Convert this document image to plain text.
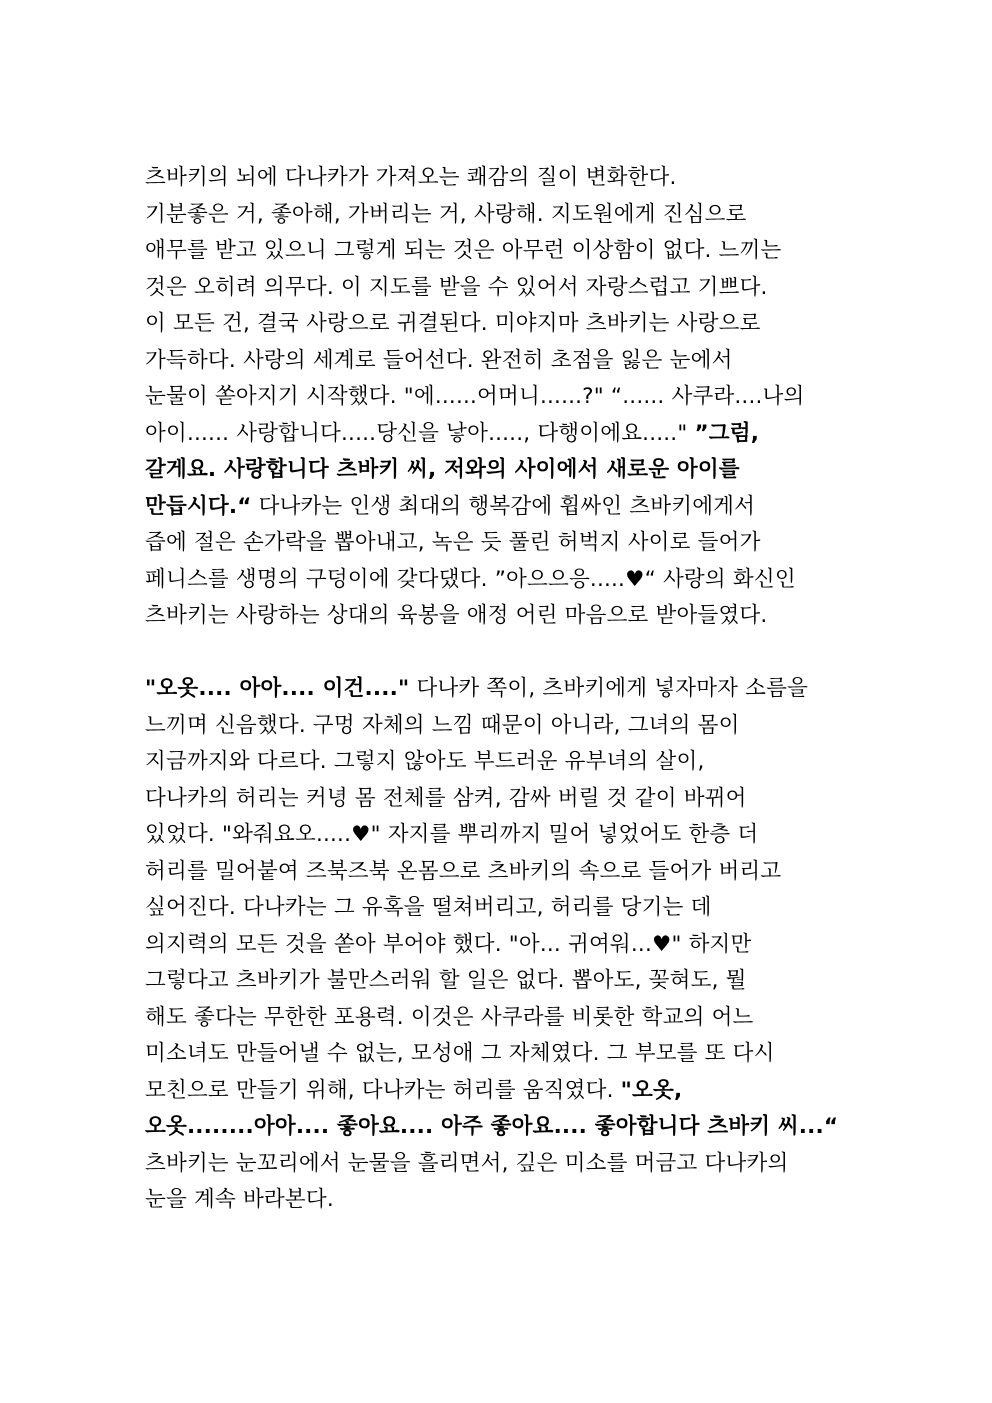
츠바키의 뇌에 다나카가 가져오는 쾌감의 질이 변화한다.
기분좋은 거, 좋아해, 가버리는 거, 사랑해. 지도원에게 진심으로
애무를 받고 있으니 그렇게 되는 것은 아무런 이상함이 없다. 느끼는
것은 오히려 의무다. 이 지도를 받을 수 있어서 자랑스럽고 기쁘다.
이 모든 건, 결국 사랑으로 귀결된다. 미야지마 츠바키는 사랑으로
가득하다. 사랑의 세계로 들어선다. 완전히 초점을 잃은 눈에서
눈물이 쏟아지기 시작했다. "에......어머니......?" “...... 사쿠라....나의
아이...... 사랑합니다.....당신을 낳아....., 다행이에요....." ”그럼,
갈게요. 사랑합니다 츠바키 씨, 저와의 사이에서 새로운 아이를
만듭시다.“ 다나카는 인생 최대의 행복감에 휩싸인 츠바키에게서
즙에 절은 손가락을 뽑아내고, 녹은 듯 풀린 허벅지 사이로 들어가
페니스를 생명의 구덩이에 갖다댔다. ”아으으응.....♥“ 사랑의 화신인
츠바키는 사랑하는 상대의 육봉을 애정 어린 마음으로 받아들였다.
"오옷.... 아아.... 이건...." 다나카 쪽이, 츠바키에게 넣자마자 소름을
느끼며 신음했다. 구멍 자체의 느낌 때문이 아니라, 그녀의 몸이
지금까지와 다르다. 그렇지 않아도 부드러운 유부녀의 살이,
다나카의 허리는 커녕 몸 전체를 삼켜, 감싸 버릴 것 같이 바뀌어
있었다. "와줘요오.....♥" 자지를 뿌리까지 밀어 넣었어도 한층 더
허리를 밀어붙여 즈북즈북 온몸으로 츠바키의 속으로 들어가 버리고
싶어진다. 다나카는 그 유혹을 떨쳐버리고, 허리를 당기는 데
의지력의 모든 것을 쏟아 부어야 했다. "아... 귀여워...♥" 하지만
그렇다고 츠바키가 불만스러워 할 일은 없다. 뽑아도, 꽂혀도, 뭘
해도 좋다는 무한한 포용력. 이것은 사쿠라를 비롯한 학교의 어느
미소녀도 만들어낼 수 없는, 모성애 그 자체였다. 그 부모를 또 다시
모친으로 만들기 위해, 다나카는 허리를 움직였다. "오옷,
오옷........아아.... 좋아요.... 아주 좋아요.... 좋아합니다 츠바키 씨...“
츠바키는 눈꼬리에서 눈물을 흘리면서, 깊은 미소를 머금고 다나카의
눈을 계속 바라본다.
